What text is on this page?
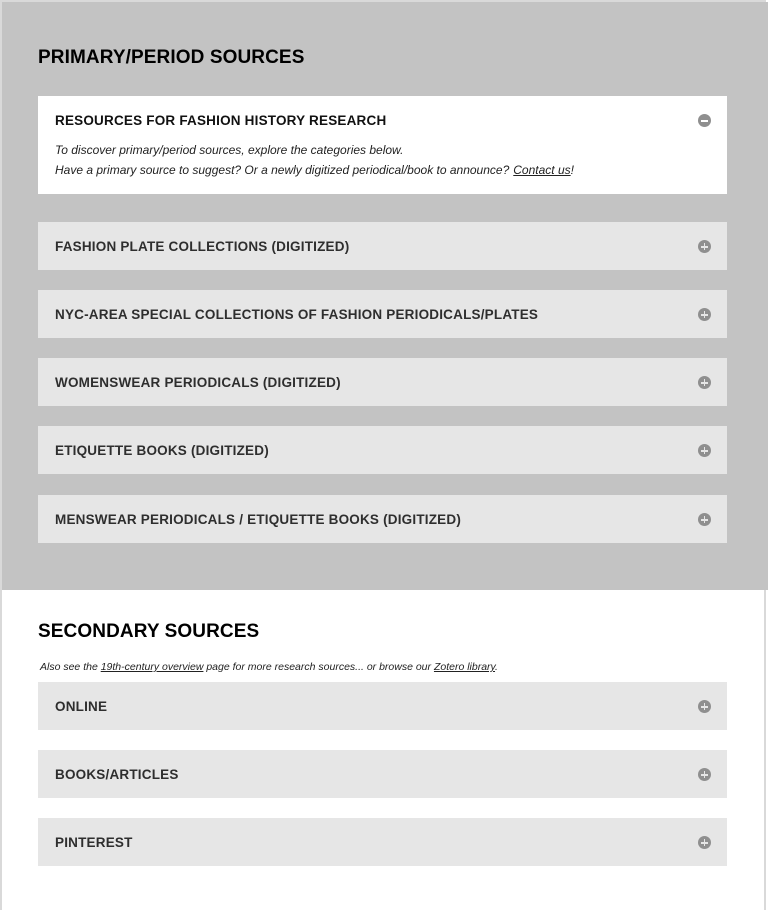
PRIMARY/PERIOD SOURCES
RESOURCES FOR FASHION HISTORY RESEARCH

To discover primary/period sources, explore the categories below.

Have a primary source to suggest? Or a newly digitized periodical/book to announce? Contact us!

FASHION PLATE COLLECTIONS (DIGITIZED)
NYC-AREA SPECIAL COLLECTIONS OF FASHION PERIODICALS/PLATES
WOMENSWEAR PERIODICALS (DIGITIZED)
ETIQUETTE BOOKS (DIGITIZED)
MENSWEAR PERIODICALS / ETIQUETTE BOOKS (DIGITIZED)
SECONDARY SOURCES
Also see the 19th-century overview page for more research sources... or browse our Zotero library.
ONLINE
BOOKS/ARTICLES
PINTEREST
